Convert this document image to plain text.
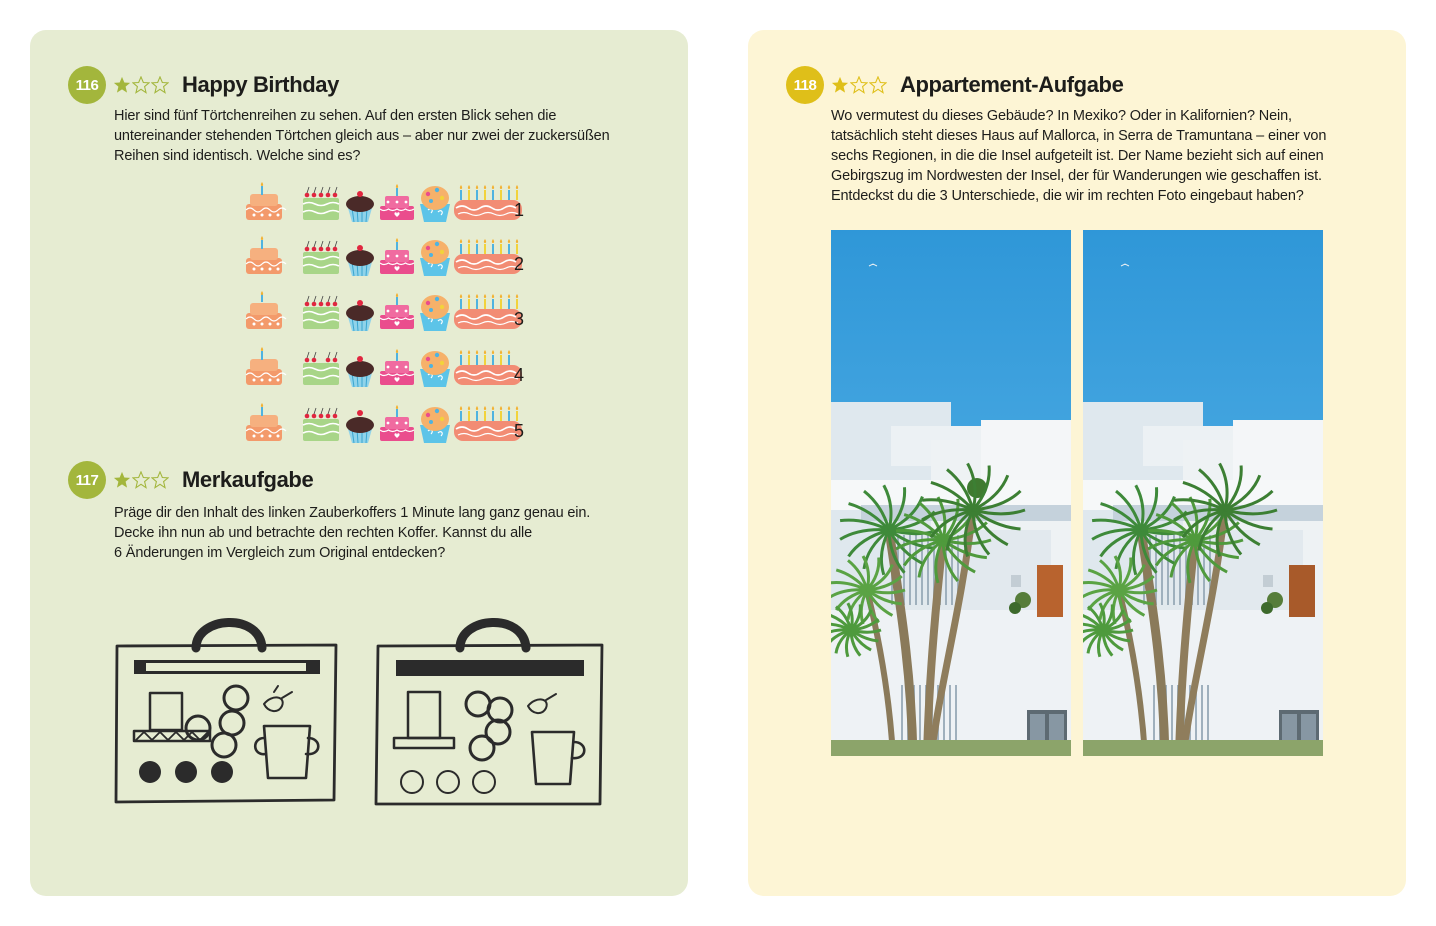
116	Happy Birthday

Hier sind fünf Törtchenreihen zu sehen. Auf den ersten Blick sehen die

untereinander stehenden Törtchen gleich aus – aber nur zwei der zuckersüßen

Reihen sind identisch. Welche sind es?

1
2
3
4
5
117	Merkaufgabe

Präge dir den Inhalt des linken Zauberkoffers 1 Minute lang ganz genau ein.

Decke ihn nun ab und betrachte den rechten Koffer. Kannst du alle

6 Änderungen im Vergleich zum Original entdecken?

118	Appartement-Aufgabe

Wo vermutest du dieses Gebäude? In Mexiko? Oder in Kalifornien? Nein,

tatsächlich steht dieses Haus auf Mallorca, in Serra de Tramuntana – einer von

sechs Regionen, in die die Insel aufgeteilt ist. Der Name bezieht sich auf einen

Gebirgszug im Nordwesten der Insel, der für Wanderungen wie geschaffen ist.

Entdeckst du die 3 Unterschiede, die wir im rechten Foto eingebaut haben?
